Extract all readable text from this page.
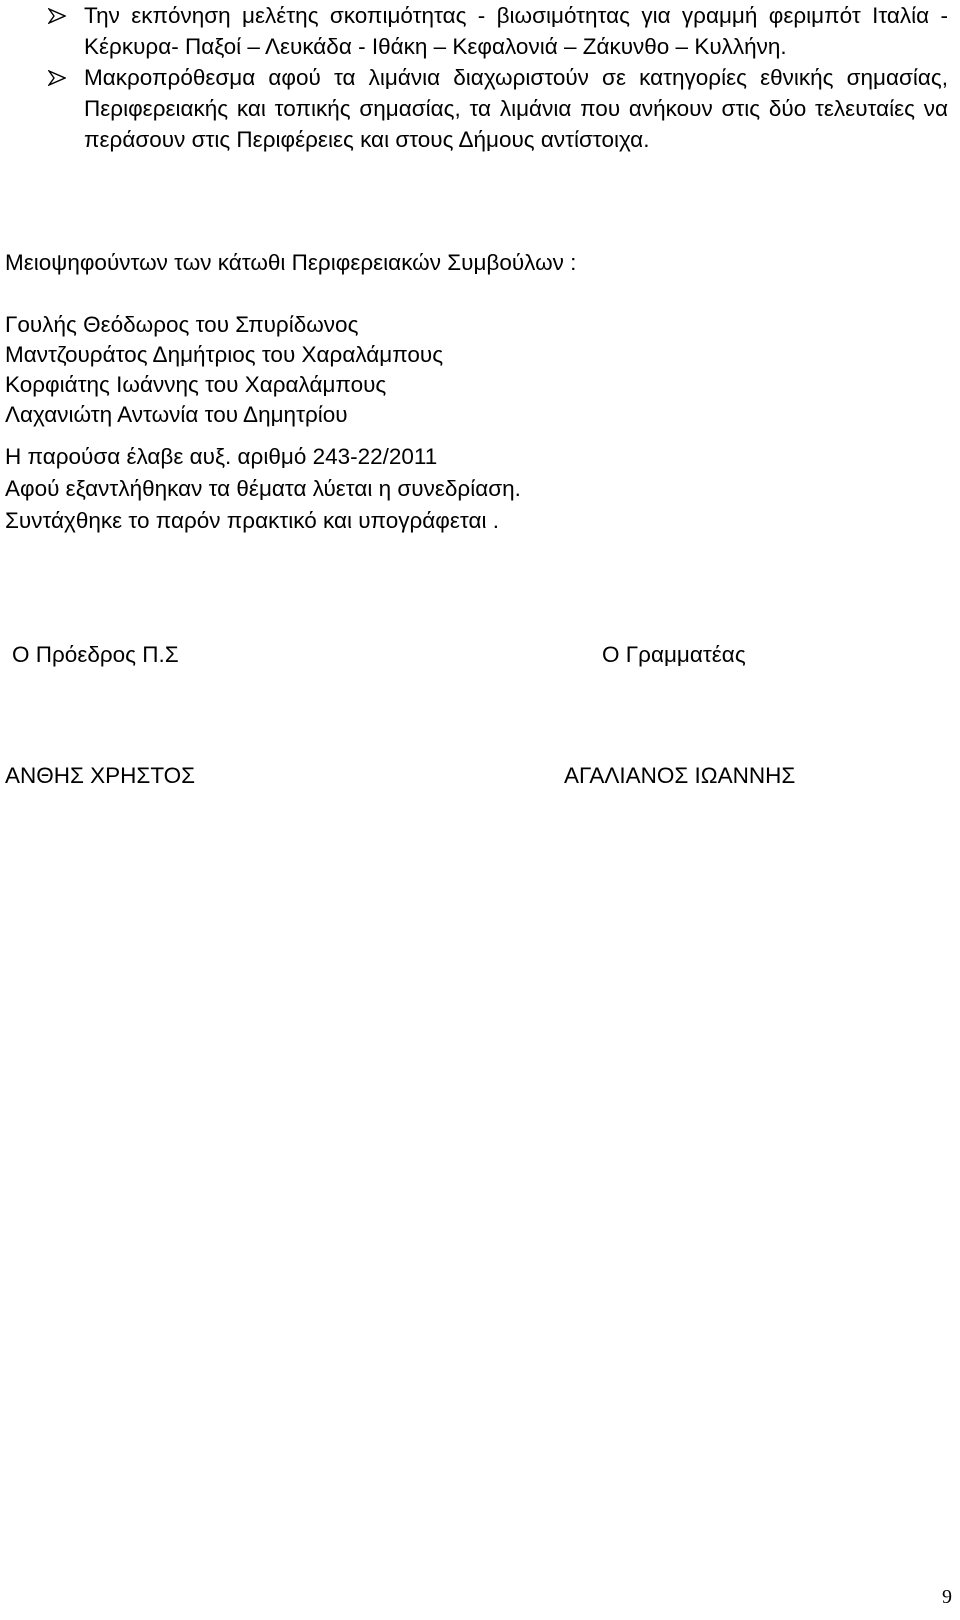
Την εκπόνηση μελέτης σκοπιμότητας - βιωσιμότητας για γραμμή φεριμπότ Ιταλία - Κέρκυρα- Παξοί – Λευκάδα - Ιθάκη – Κεφαλονιά – Ζάκυνθο – Κυλλήνη.
Μακροπρόθεσμα αφού τα λιμάνια διαχωριστούν σε κατηγορίες εθνικής σημασίας, Περιφερειακής και τοπικής σημασίας, τα λιμάνια που ανήκουν στις δύο τελευταίες να περάσουν στις Περιφέρειες και στους Δήμους αντίστοιχα.
Μειοψηφούντων των κάτωθι Περιφερειακών Συμβούλων :
Γουλής Θεόδωρος του Σπυρίδωνος
Μαντζουράτος Δημήτριος του Χαραλάμπους
Κορφιάτης Ιωάννης του Χαραλάμπους
Λαχανιώτη Αντωνία του Δημητρίου
Η παρούσα έλαβε αυξ. αριθμό 243-22/2011
Αφού εξαντλήθηκαν τα θέματα λύεται η συνεδρίαση.
Συντάχθηκε το παρόν πρακτικό και υπογράφεται .
Ο Πρόεδρος Π.Σ	Ο Γραμματέας
ΑΝΘΗΣ ΧΡΗΣΤΟΣ	ΑΓΑΛΙΑΝΟΣ ΙΩΑΝΝΗΣ
9
